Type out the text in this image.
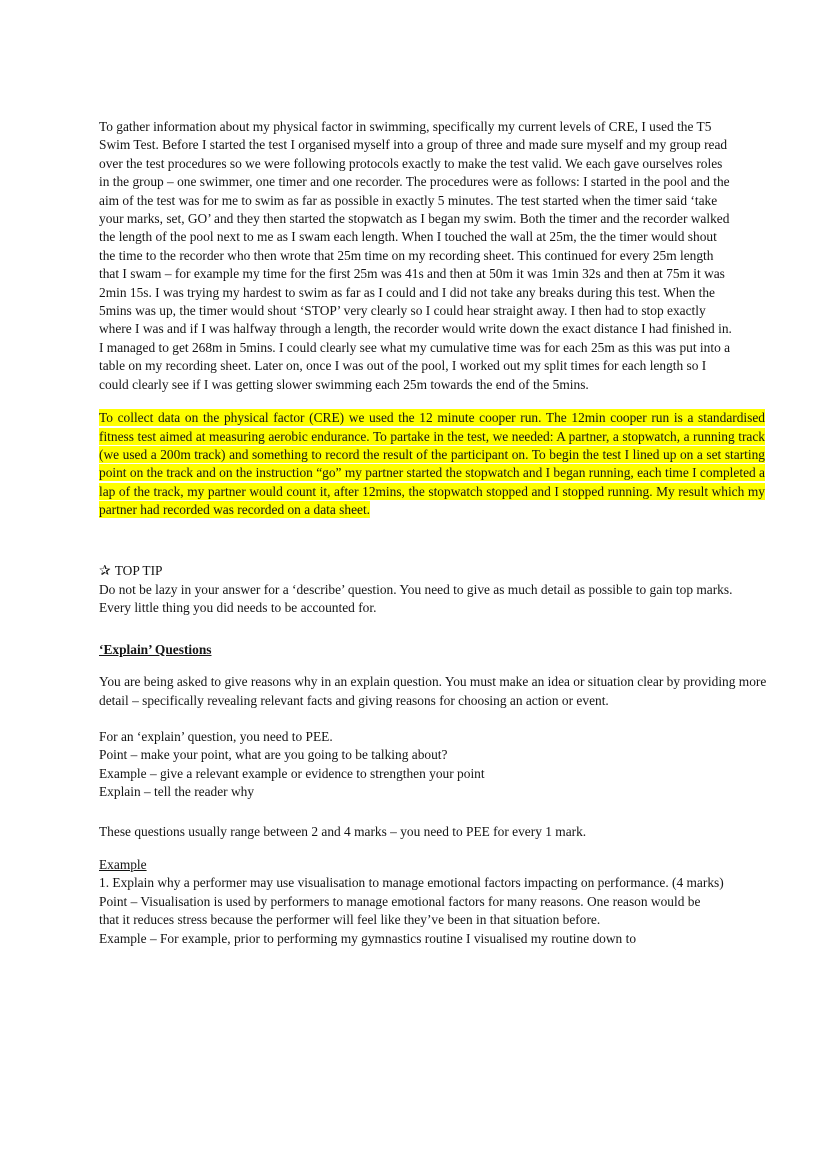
To gather information about my physical factor in swimming, specifically my current levels of CRE, I used the T5 Swim Test. Before I started the test I organised myself into a group of three and made sure myself and my group read over the test procedures so we were following protocols exactly to make the test valid. We each gave ourselves roles in the group – one swimmer, one timer and one recorder. The procedures were as follows: I started in the pool and the aim of the test was for me to swim as far as possible in exactly 5 minutes. The test started when the timer said ‘take your marks, set, GO’ and they then started the stopwatch as I began my swim. Both the timer and the recorder walked the length of the pool next to me as I swam each length. When I touched the wall at 25m, the the timer would shout the time to the recorder who then wrote that 25m time on my recording sheet. This continued for every 25m length that I swam – for example my time for the first 25m was 41s and then at 50m it was 1min 32s and then at 75m it was 2min 15s. I was trying my hardest to swim as far as I could and I did not take any breaks during this test. When the 5mins was up, the timer would shout ‘STOP’ very clearly so I could hear straight away. I then had to stop exactly where I was and if I was halfway through a length, the recorder would write down the exact distance I had finished in. I managed to get 268m in 5mins. I could clearly see what my cumulative time was for each 25m as this was put into a table on my recording sheet. Later on, once I was out of the pool, I worked out my split times for each length so I could clearly see if I was getting slower swimming each 25m towards the end of the 5mins.

To collect data on the physical factor (CRE) we used the 12 minute cooper run. The 12min cooper run is a standardised fitness test aimed at measuring aerobic endurance. To partake in the test, we needed: A partner, a stopwatch, a running track (we used a 200m track) and something to record the result of the participant on. To begin the test I lined up on a set starting point on the track and on the instruction “go” my partner started the stopwatch and I began running, each time I completed a lap of the track, my partner would count it, after 12mins, the stopwatch stopped and I stopped running. My result which my partner had recorded was recorded on a data sheet.

✰ TOP TIP

Do not be lazy in your answer for a ‘describe’ question. You need to give as much detail as possible to gain top marks. Every little thing you did needs to be accounted for.

‘Explain’ Questions

You are being asked to give reasons why in an explain question. You must make an idea or situation clear by providing more detail – specifically revealing relevant facts and giving reasons for choosing an action or event.

For an ‘explain’ question, you need to PEE.

Point – make your point, what are you going to be talking about?

Example – give a relevant example or evidence to strengthen your point

Explain – tell the reader why

These questions usually range between 2 and 4 marks – you need to PEE for every 1 mark.

Example

1. Explain why a performer may use visualisation to manage emotional factors impacting on performance. (4 marks)

Point – Visualisation is used by performers to manage emotional factors for many reasons. One reason would be that it reduces stress because the performer will feel like they’ve been in that situation before.

Example – For example, prior to performing my gymnastics routine I visualised my routine down to
